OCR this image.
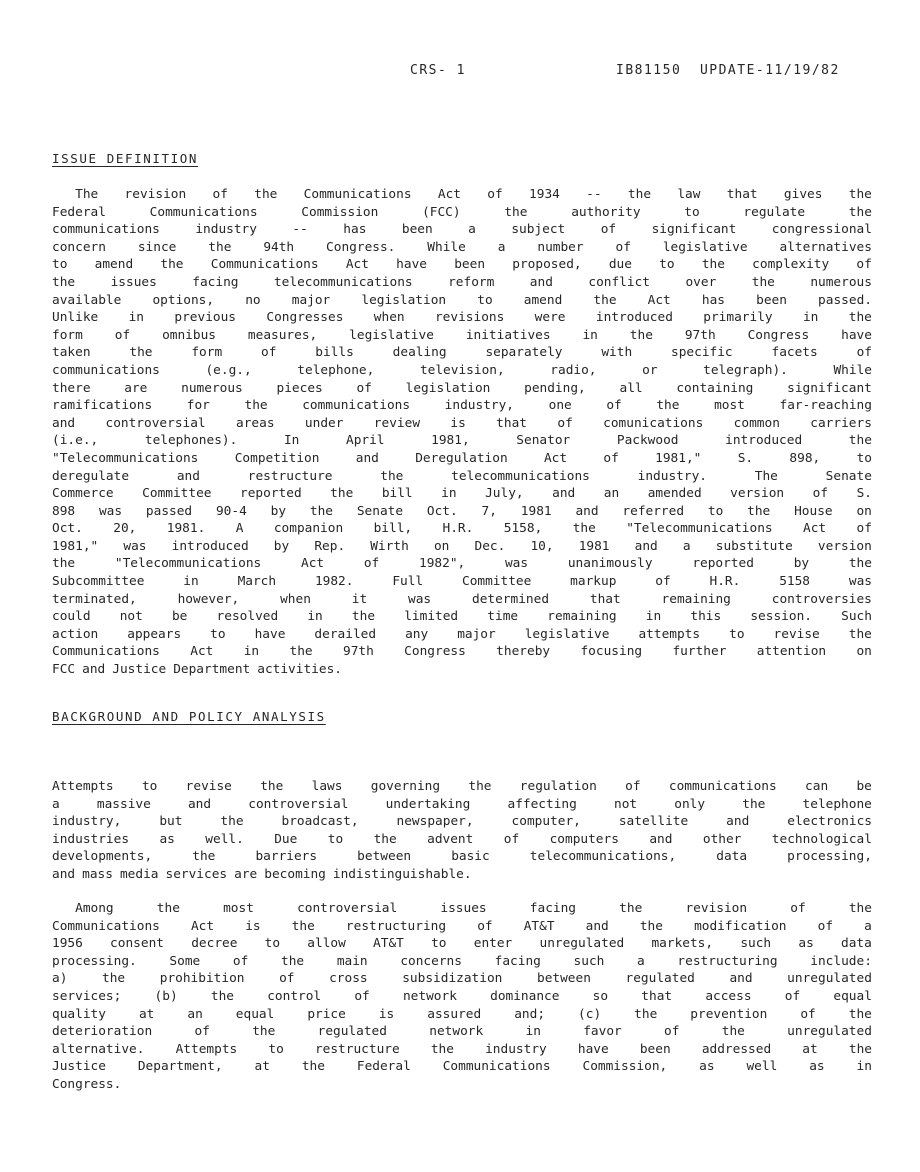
CRS- 1	IB81150  UPDATE-11/19/82
ISSUE DEFINITION
The revision of the Communications Act of 1934 -- the law that gives the
Federal	Communications	Commission	(FCC)	the	authority	to	regulate	the
communications	industry	--	has	been	a	subject	of	significant	congressional
concern since the 94th Congress. While a number of legislative alternatives
to amend the Communications Act have been proposed, due to the complexity of
the	issues	facing	telecommunications	reform	and	conflict	over	the	numerous
available options, no major legislation to amend the Act has been passed.
Unlike in previous Congresses when revisions were introduced primarily in the
form of omnibus measures, legislative initiatives in the 97th Congress have
taken	the	form	of	bills	dealing	separately	with	specific	facets	of
communications	(e.g.,	telephone,	television,	radio,	or	telegraph).	While
there	are	numerous	pieces	of	legislation	pending,	all	containing	significant
ramifications	for	the	communications	industry,	one	of	the	most	far-reaching
and controversial areas under review is that of comunications common carriers
(i.e.,	telephones).	In	April	1981,	Senator	Packwood	introduced	the
"Telecommunications	Competition	and	Deregulation	Act	of	1981,"	S.	898,	to
deregulate	and	restructure	the	telecommunications	industry.	The	Senate
Commerce Committee reported the bill in July, and an amended version of S.
898 was passed 90-4 by the Senate Oct. 7, 1981 and referred to the House on
Oct. 20, 1981. A companion bill, H.R. 5158, the "Telecommunications Act of
1981," was introduced by Rep. Wirth on Dec. 10, 1981 and a substitute version
the	"Telecommunications	Act	of	1982",	was	unanimously	reported	by	the
Subcommittee	in	March	1982.	Full	Committee	markup	of	H.R.	5158	was
terminated,	however,	when	it	was	determined	that	remaining	controversies
could not be resolved in the limited time remaining in this session. Such
action appears to have derailed any major legislative attempts to revise the
Communications Act in the 97th Congress thereby focusing further attention on
FCC and Justice Department activities.
BACKGROUND AND POLICY ANALYSIS
Attempts to revise the laws governing the regulation of communications can be
a	massive	and	controversial	undertaking	affecting	not	only	the	telephone
industry,	but	the	broadcast,	newspaper,	computer,	satellite	and	electronics
industries as well. Due to the advent of computers and other technological
developments,	the	barriers	between	basic	telecommunications,	data	processing,
and mass media services are becoming indistinguishable.
Among	the	most	controversial	issues	facing	the	revision	of	the
Communications Act is the restructuring of AT&T and the modification of a
1956 consent decree to allow AT&T to enter unregulated markets, such as data
processing.	Some	of	the	main	concerns	facing	such	a	restructuring	include:
a)	the	prohibition	of	cross	subsidization	between	regulated	and	unregulated
services;	(b)	the	control	of	network	dominance	so	that	access	of	equal
quality	at	an	equal	price	is	assured	and;	(c)	the	prevention	of	the
deterioration	of	the	regulated	network	in	favor	of	the	unregulated
alternative. Attempts to restructure the industry have been addressed at the
Justice Department, at the Federal Communications Commission, as well as in
Congress.
